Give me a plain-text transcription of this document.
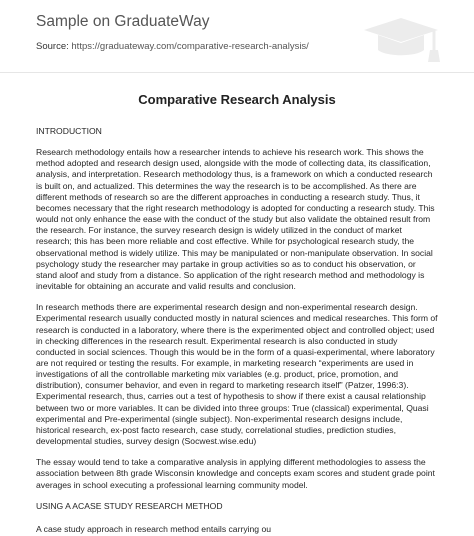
Sample on GraduateWay
Source: https://graduateway.com/comparative-research-analysis/
Comparative Research Analysis

INTRODUCTION

Research methodology entails how a researcher intends to achieve his research work. This shows the method adopted and research design used, alongside with the mode of collecting data, its classification, analysis, and interpretation. Research methodology thus, is a framework on which a conducted research is built on, and actualized. This determines the way the research is to be accomplished. As there are different methods of research so are the different approaches in conducting a research study. Thus, it becomes necessary that the right research methodology is adopted for conducting a research study. This would not only enhance the ease with the conduct of the study but also validate the obtained result from the research. For instance, the survey research design is widely utilized in the conduct of market research; this has been more reliable and cost effective. While for psychological research study, the observational method is widely utilize. This may be manipulated or non-manipulate observation. In social psychology study the researcher may partake in group activities so as to conduct his observation, or stand aloof and study from a distance. So application of the right research method and methodology is inevitable for obtaining an accurate and valid results and conclusion.

In research methods there are experimental research design and non-experimental research design. Experimental research usually conducted mostly in natural sciences and medical researches. This form of research is conducted in a laboratory, where there is the experimented object and controlled object; used in checking differences in the research result. Experimental research is also conducted in study conducted in social sciences. Though this would be in the form of a quasi-experimental, where laboratory are not required or testing the results. For example, in marketing research “experiments are used in investigations of all the controllable marketing mix variables (e.g. product, price, promotion, and distribution), consumer behavior, and even in regard to marketing research itself” (Patzer, 1996:3). Experimental research, thus, carries out a test of hypothesis to show if there exist a causal relationship between two or more variables. It can be divided into three groups: True (classical) experimental, Quasi experimental and Pre-experimental (single subject). Non-experimental research designs include, historical research, ex-post facto research, case study, correlational studies, prediction studies, developmental studies, survey design (Socwest.wise.edu)

The essay would tend to take a comparative analysis in applying different methodologies to assess the association between 8th grade Wisconsin knowledge and concepts exam scores and student grade point averages in school executing a professional learning community model.

USING A ACASE STUDY RESEARCH METHOD

A case study approach in research method entails carrying ou
